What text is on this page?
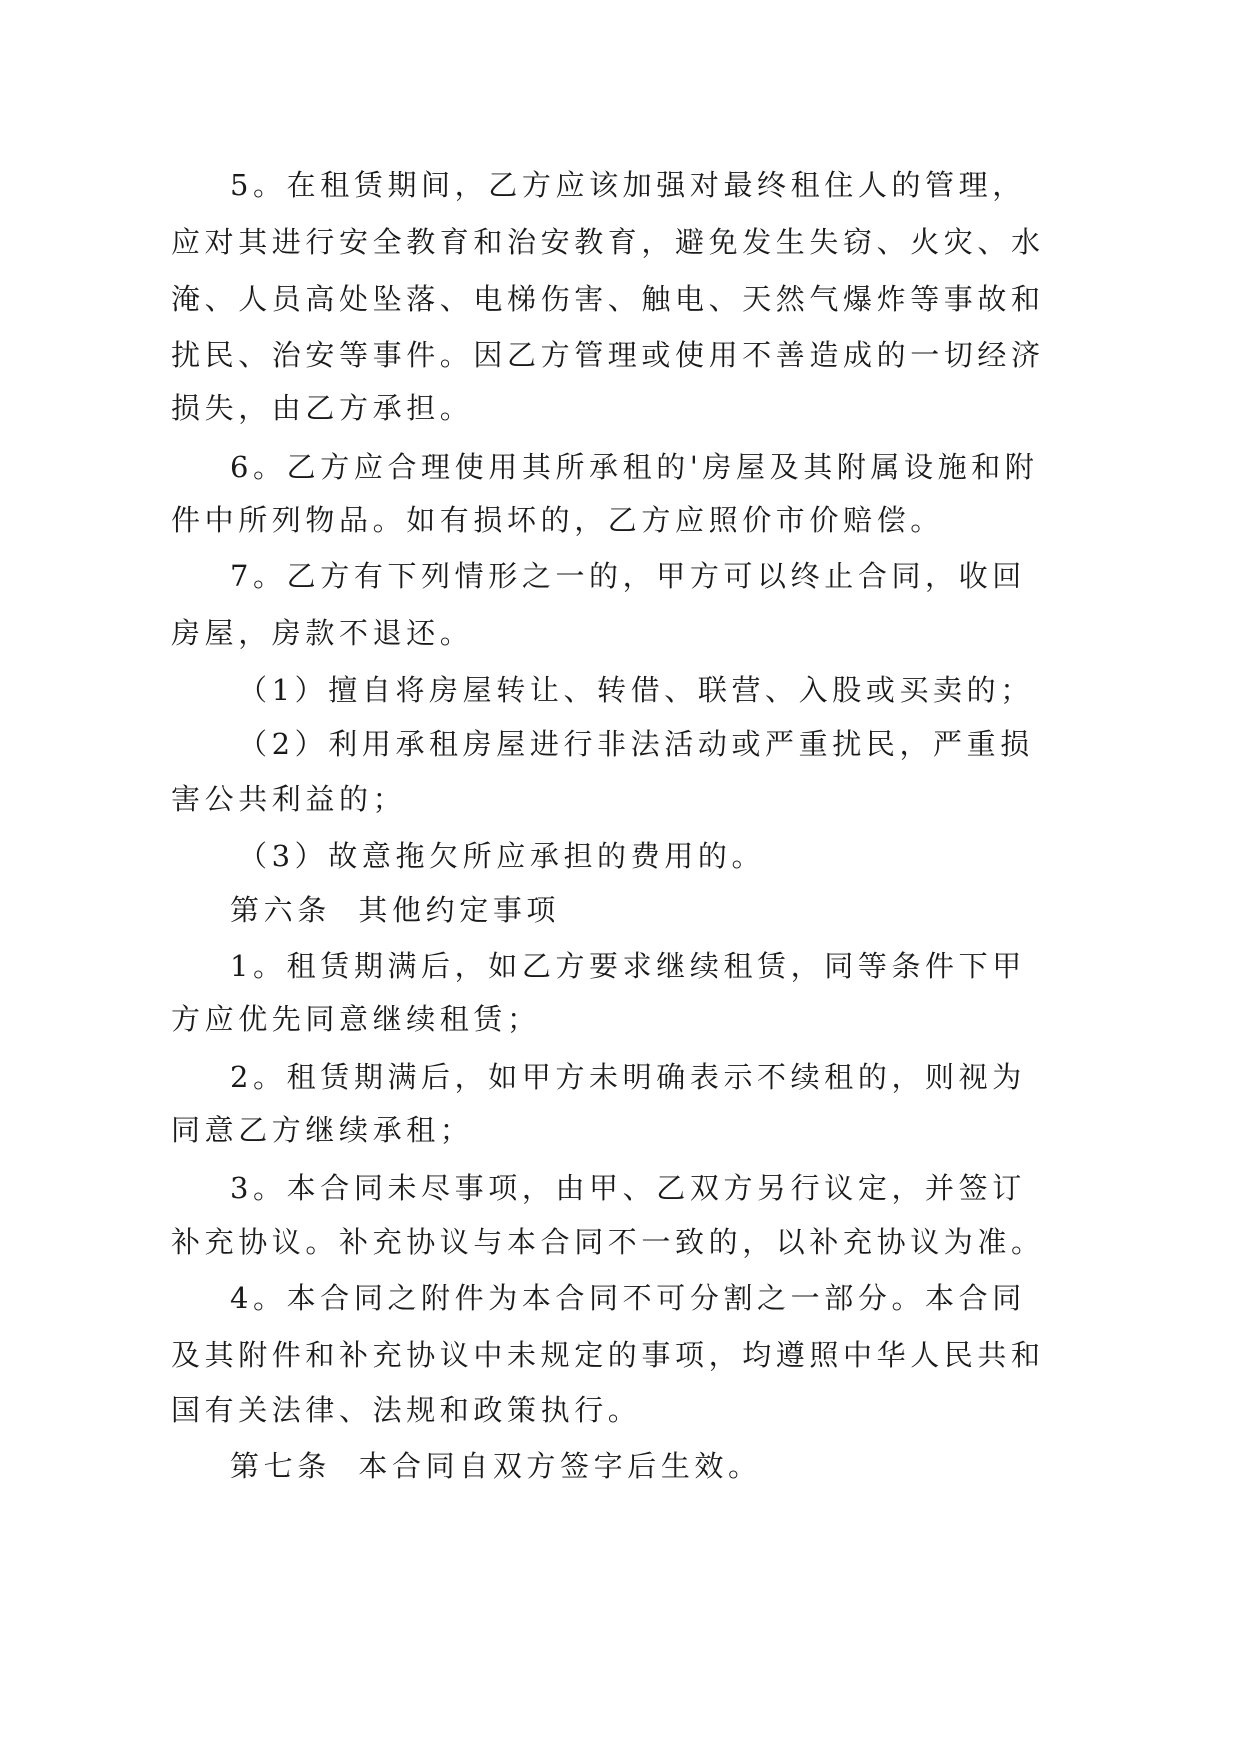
5。在租赁期间，乙方应该加强对最终租住人的管理，
应对其进行安全教育和治安教育，避免发生失窃、火灾、水
淹、人员高处坠落、电梯伤害、触电、天然气爆炸等事故和
扰民、治安等事件。因乙方管理或使用不善造成的一切经济
损失，由乙方承担。
6。乙方应合理使用其所承租的'房屋及其附属设施和附
件中所列物品。如有损坏的，乙方应照价市价赔偿。
7。乙方有下列情形之一的，甲方可以终止合同，收回
房屋，房款不退还。
（1）擅自将房屋转让、转借、联营、入股或买卖的；
（2）利用承租房屋进行非法活动或严重扰民，严重损
害公共利益的；
（3）故意拖欠所应承担的费用的。
第六条  其他约定事项
1。租赁期满后，如乙方要求继续租赁，同等条件下甲
方应优先同意继续租赁；
2。租赁期满后，如甲方未明确表示不续租的，则视为
同意乙方继续承租；
3。本合同未尽事项，由甲、乙双方另行议定，并签订
补充协议。补充协议与本合同不一致的，以补充协议为准。
4。本合同之附件为本合同不可分割之一部分。本合同
及其附件和补充协议中未规定的事项，均遵照中华人民共和
国有关法律、法规和政策执行。
第七条  本合同自双方签字后生效。
